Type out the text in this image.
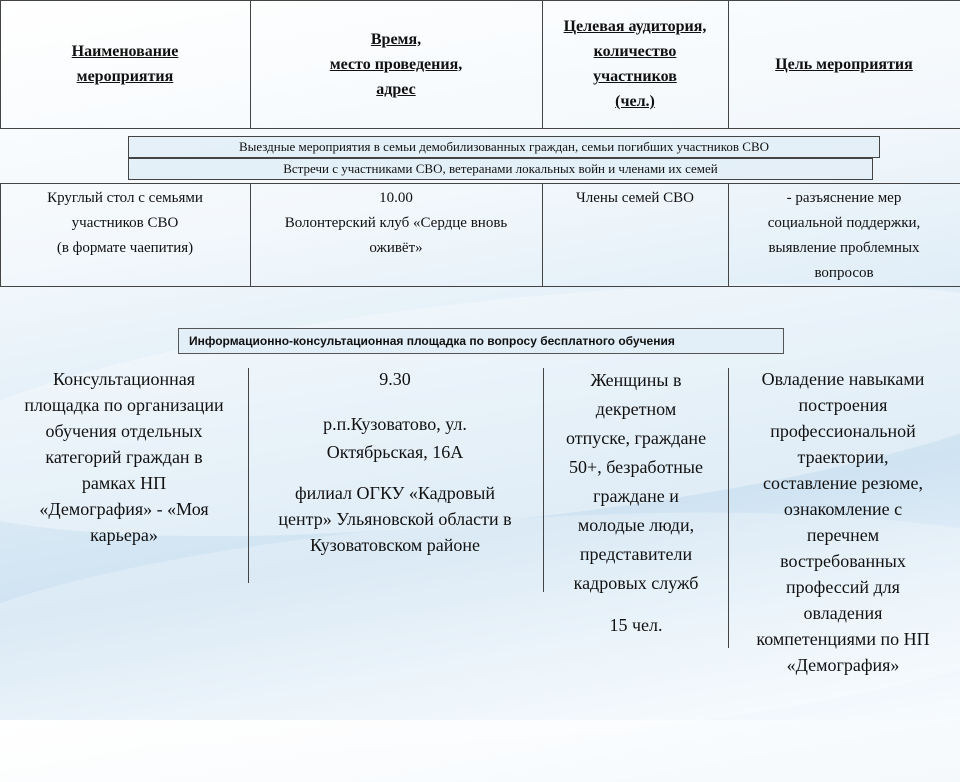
Наименование
мероприятия
Время,
место проведения,
адрес
Целевая аудитория,
количество
участников
(чел.)
Цель мероприятия
Выездные мероприятия в семьи демобилизованных граждан, семьи погибших участников СВО
Встречи с участниками СВО, ветеранами локальных войн и членами их семей
Круглый стол с семьями
участников СВО
(в формате чаепития)
10.00
Волонтерский клуб «Сердце вновь
оживёт»
Члены семей СВО	- разъяснение мер
социальной поддержки,
выявление проблемных
вопросов
Информационно-консультационная площадка по вопросу бесплатного обучения
Консультационная
площадка по организации
обучения отдельных
категорий граждан в
рамках НП
«Демография» - «Моя
карьера»
9.30
р.п.Кузоватово, ул.
Октябрьская, 16А
филиал ОГКУ «Кадровый
центр» Ульяновской области в
Кузоватовском районе
Женщины в
декретном
отпуске, граждане
50+, безработные
граждане и
молодые люди,
представители
кадровых служб
15 чел.
Овладение навыками
построения
профессиональной
траектории,
составление резюме,
ознакомление с
перечнем
востребованных
профессий для
овладения
компетенциями по НП
«Демография»
